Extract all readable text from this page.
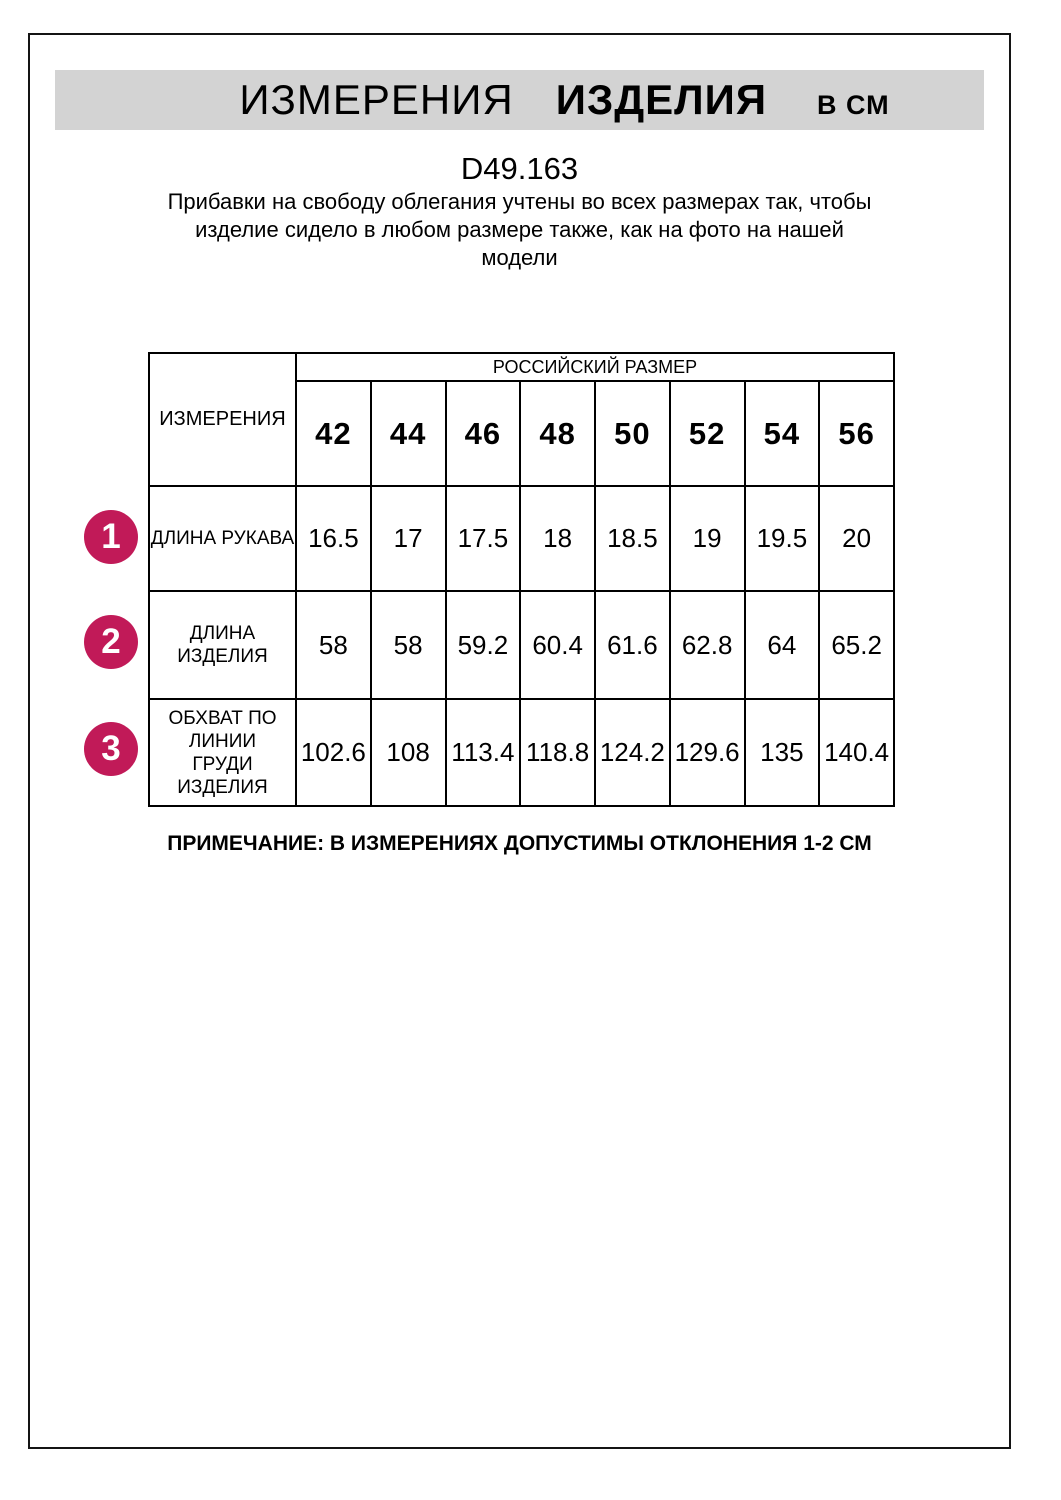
ИЗМЕРЕНИЯ ИЗДЕЛИЯ В СМ
D49.163
Прибавки на свободу облегания учтены во всех размерах так, чтобы
изделие сидело в любом размере также, как на фото на нашей
модели
ИЗМЕРЕНИЯ	РОССИЙСКИЙ РАЗМЕР							
	42	44	46	48	50	52	54	56
ДЛИНА РУКАВА	16.5	17	17.5	18	18.5	19	19.5	20
ДЛИНА ИЗДЕЛИЯ	58	58	59.2	60.4	61.6	62.8	64	65.2
ОБХВАТ ПО ЛИНИИ ГРУДИ ИЗДЕЛИЯ	102.6	108	113.4	118.8	124.2	129.6	135	140.4
1
2
3
ПРИМЕЧАНИЕ: В ИЗМЕРЕНИЯХ ДОПУСТИМЫ ОТКЛОНЕНИЯ 1-2 СМ
